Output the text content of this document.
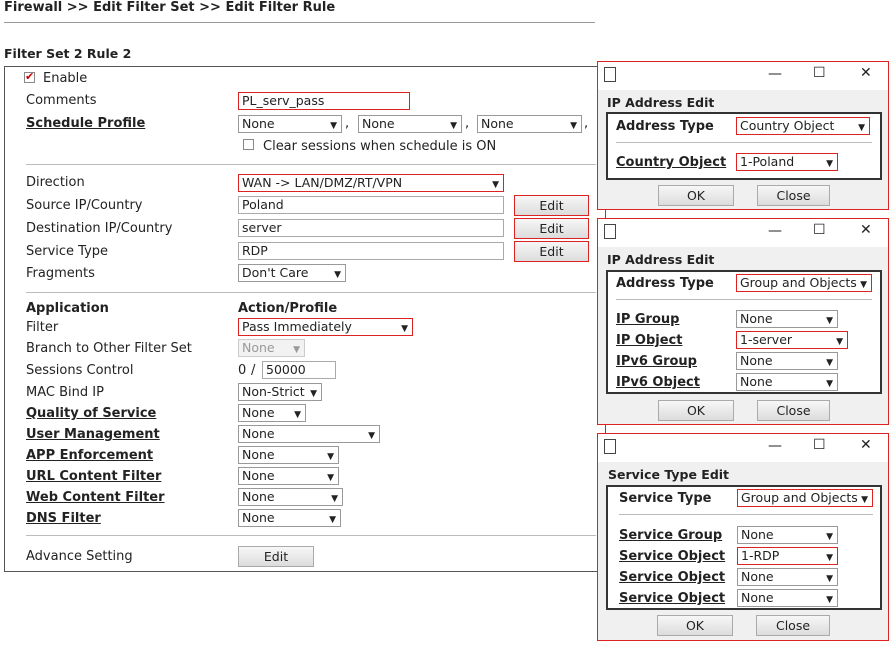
Firewall >> Edit Filter Set >> Edit Filter Rule
Filter Set 2 Rule 2
✔
Enable
Comments	PL_serv_pass
Schedule Profile	None	▼ ,	None	▼ , None	▼ ,
Clear sessions when schedule is ON
Direction	WAN -> LAN/DMZ/RT/VPN	▼
Source IP/Country	Poland	Edit
Destination IP/Country	server	Edit
Service Type	RDP	Edit
Fragments	Don't Care	▼
Application	Action/Profile
Filter	Pass Immediately	▼
Branch to Other Filter Set	None ▼
Sessions Control	0 / 50000
MAC Bind IP	Non-Strict ▼
Quality of Service	None ▼
User Management	None	▼
APP Enforcement	None	▼
URL Content Filter	None	▼
Web Content Filter	None	▼
DNS Filter	None	▼
Advance Setting	Edit
— ☐ ✕
IP Address Edit
Address Type	Country Object	▼
Country Object	1-Poland	▼
OK	Close
— ☐ ✕
IP Address Edit
Address Type	Group and Objects ▼
IP Group	None	▼
IP Object	1-server	▼
IPv6 Group	None	▼
IPv6 Object	None	▼
OK	Close
— ☐ ✕
Service Type Edit
Service Type	Group and Objects ▼
Service Group	None	▼
Service Object	1-RDP	▼
Service Object	None	▼
Service Object	None	▼
OK	Close
